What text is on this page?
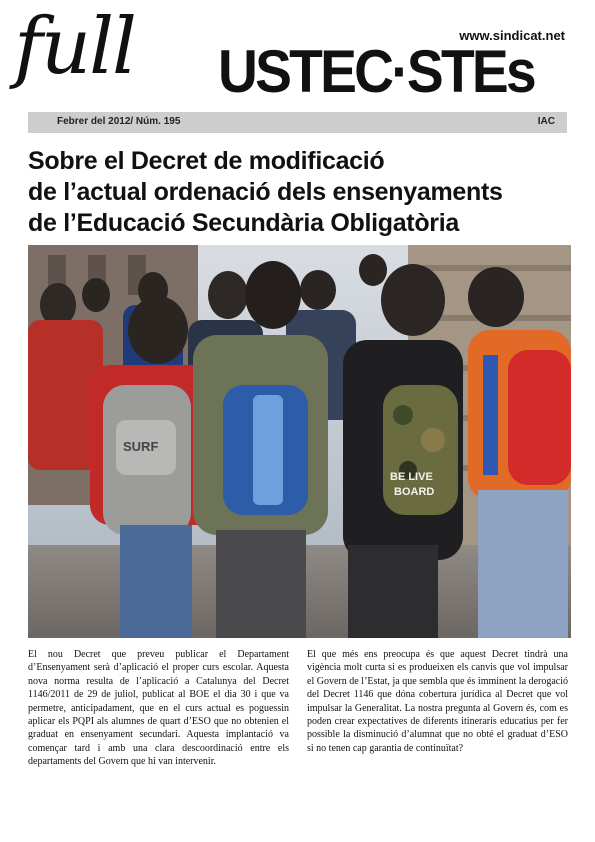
full	www.sindicat.net
USTEC·STEs
Febrer del 2012/ Núm. 195	IAC
Sobre el Decret de modificació
de l’actual ordenació dels ensenyaments
de l’Educació Secundària Obligatòria
SURF
BE LIVE
BOARD

El nou Decret que preveu publicar el Departament d’Ensenyament serà d’aplicació el proper curs escolar. Aquesta nova norma resulta de l’aplicació a Catalunya del Decret 1146/2011 de 29 de juliol, publicat al BOE el dia 30 i que va permetre, anticipadament, que en el curs actual es poguessin aplicar els PQPI als alumnes de quart d’ESO que no obtenien el graduat en ensenyament secundari. Aquesta implantació va començar tard i amb una clara descoordinació entre els departaments del Govern que hi van intervenir.

El que més ens preocupa és que aquest Decret tindrà una vigència molt curta si es produeixen els canvis que vol impulsar el Govern de l’Estat, ja que sembla que és imminent la derogació del Decret 1146 que dóna cobertura jurídica al Decret que vol impulsar la Generalitat. La nostra pregunta al Govern és, com es poden crear expectatives de diferents itineraris educatius per fer possible la disminució d’alumnat que no obté el graduat d’ESO si no tenen cap garantia de continuïtat?
